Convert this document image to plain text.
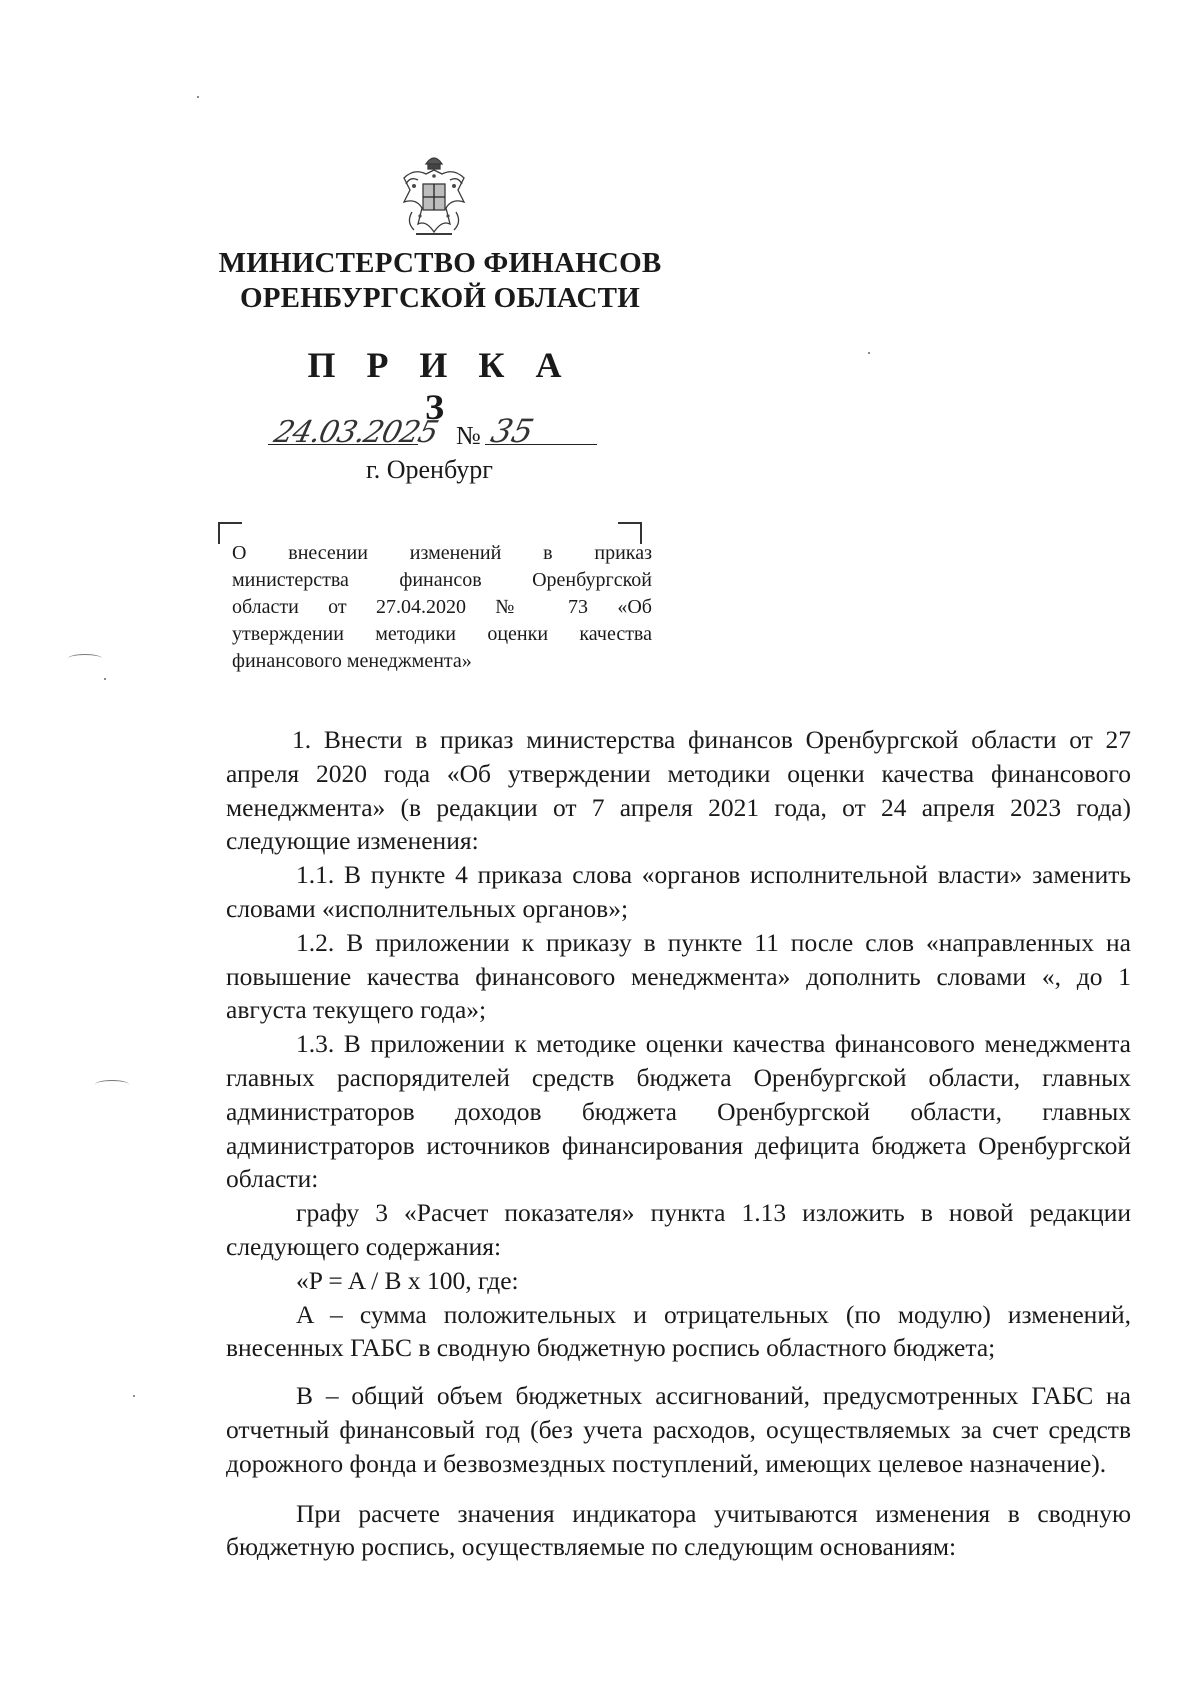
МИНИСТЕРСТВО ФИНАНСОВ
ОРЕНБУРГСКОЙ ОБЛАСТИ
П Р И К А З
24.03.2025 № 35
г. Оренбург
О внесении изменений в приказ
министерства финансов Оренбургской
области от 27.04.2020 № 73 «Об
утверждении методики оценки качества
финансового менеджмента»

1. Внести в приказ министерства финансов Оренбургской области от 27 апреля 2020 года «Об утверждении методики оценки качества финансового менеджмента» (в редакции от 7 апреля 2021 года, от 24 апреля 2023 года) следующие изменения:

1.1. В пункте 4 приказа слова «органов исполнительной власти» заменить словами «исполнительных органов»;

1.2. В приложении к приказу в пункте 11 после слов «направленных на повышение качества финансового менеджмента» дополнить словами «, до 1 августа текущего года»;

1.3. В приложении к методике оценки качества финансового менеджмента главных распорядителей средств бюджета Оренбургской области, главных администраторов доходов бюджета Оренбургской области, главных администраторов источников финансирования дефицита бюджета Оренбургской области:

графу 3 «Расчет показателя» пункта 1.13 изложить в новой редакции следующего содержания:

«P = A / B x 100, где:

A – сумма положительных и отрицательных (по модулю) изменений, внесенных ГАБС в сводную бюджетную роспись областного бюджета;

B – общий объем бюджетных ассигнований, предусмотренных ГАБС на отчетный финансовый год (без учета расходов, осуществляемых за счет средств дорожного фонда и безвозмездных поступлений, имеющих целевое назначение).

При расчете значения индикатора учитываются изменения в сводную бюджетную роспись, осуществляемые по следующим основаниям:
